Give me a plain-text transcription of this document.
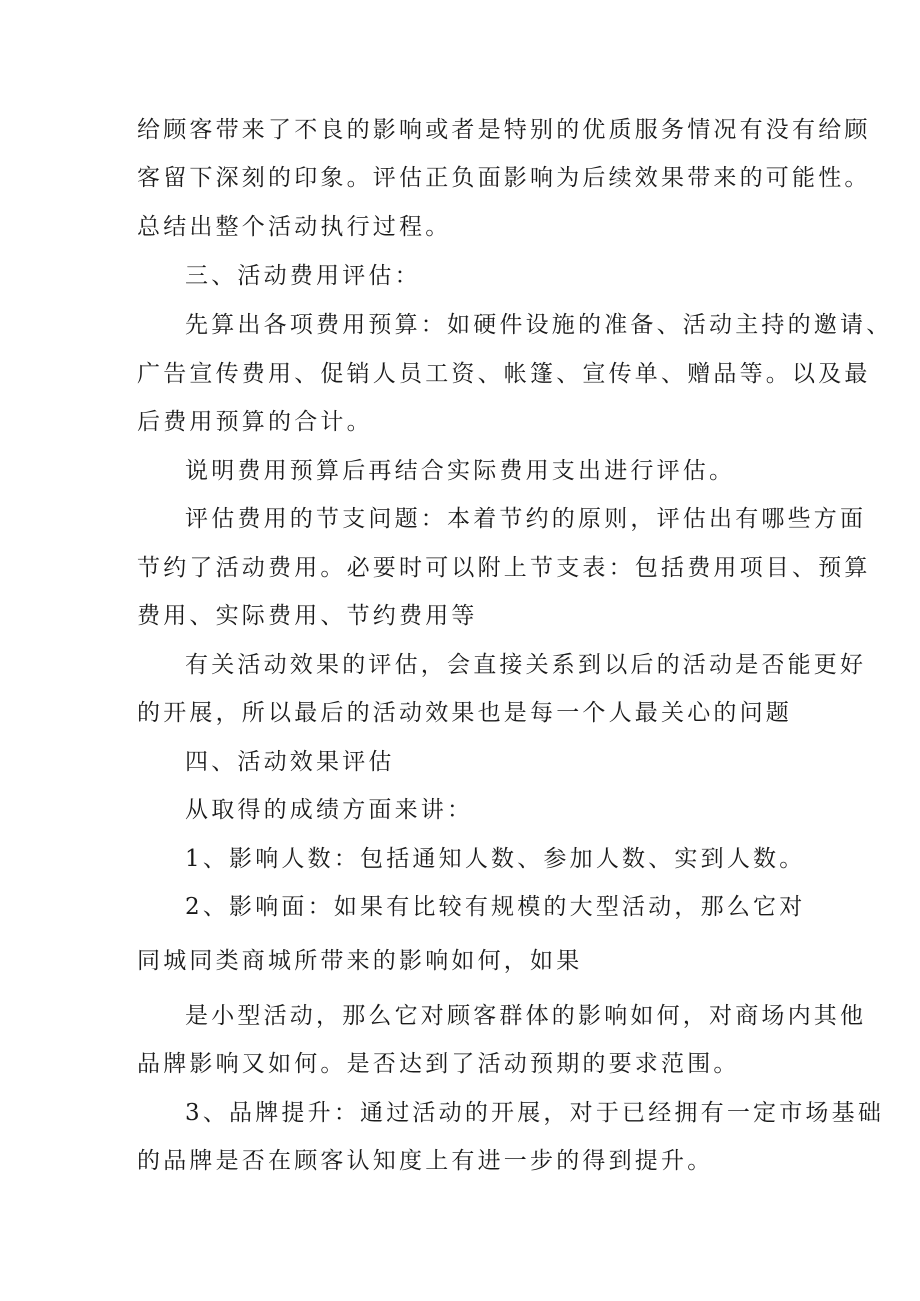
给顾客带来了不良的影响或者是特别的优质服务情况有没有给顾

客留下深刻的印象。评估正负面影响为后续效果带来的可能性。

总结出整个活动执行过程。

三、活动费用评估：

先算出各项费用预算：如硬件设施的准备、活动主持的邀请、

广告宣传费用、促销人员工资、帐篷、宣传单、赠品等。以及最

后费用预算的合计。

说明费用预算后再结合实际费用支出进行评估。

评估费用的节支问题：本着节约的原则，评估出有哪些方面

节约了活动费用。必要时可以附上节支表：包括费用项目、预算

费用、实际费用、节约费用等

有关活动效果的评估，会直接关系到以后的活动是否能更好

的开展，所以最后的活动效果也是每一个人最关心的问题

四、活动效果评估

从取得的成绩方面来讲：

1、影响人数：包括通知人数、参加人数、实到人数。

2、影响面：如果有比较有规模的大型活动，那么它对

同城同类商城所带来的影响如何，如果

是小型活动，那么它对顾客群体的影响如何，对商场内其他

品牌影响又如何。是否达到了活动预期的要求范围。

3、品牌提升：通过活动的开展，对于已经拥有一定市场基础

的品牌是否在顾客认知度上有进一步的得到提升。
